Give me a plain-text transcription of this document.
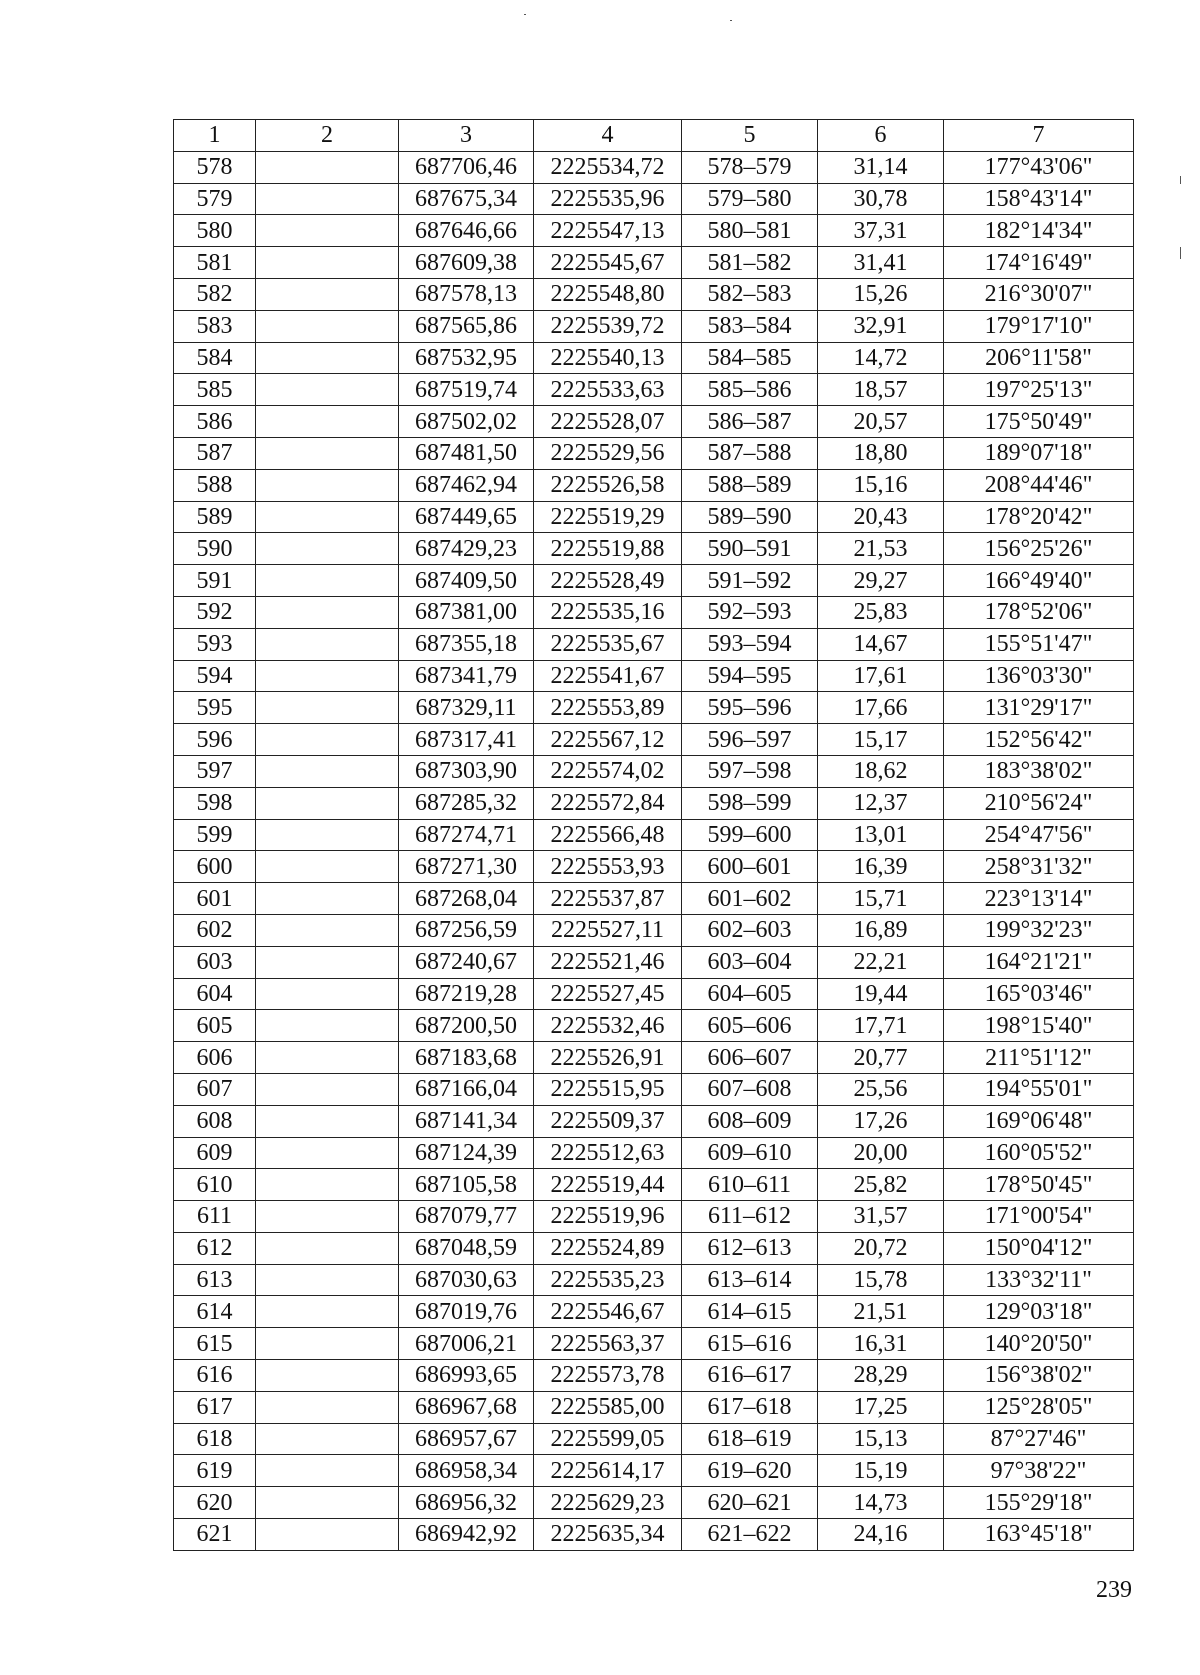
1	2	3	4	5	6	7
578		687706,46	2225534,72	578–579	31,14	177°43'06"
579		687675,34	2225535,96	579–580	30,78	158°43'14"
580		687646,66	2225547,13	580–581	37,31	182°14'34"
581		687609,38	2225545,67	581–582	31,41	174°16'49"
582		687578,13	2225548,80	582–583	15,26	216°30'07"
583		687565,86	2225539,72	583–584	32,91	179°17'10"
584		687532,95	2225540,13	584–585	14,72	206°11'58"
585		687519,74	2225533,63	585–586	18,57	197°25'13"
586		687502,02	2225528,07	586–587	20,57	175°50'49"
587		687481,50	2225529,56	587–588	18,80	189°07'18"
588		687462,94	2225526,58	588–589	15,16	208°44'46"
589		687449,65	2225519,29	589–590	20,43	178°20'42"
590		687429,23	2225519,88	590–591	21,53	156°25'26"
591		687409,50	2225528,49	591–592	29,27	166°49'40"
592		687381,00	2225535,16	592–593	25,83	178°52'06"
593		687355,18	2225535,67	593–594	14,67	155°51'47"
594		687341,79	2225541,67	594–595	17,61	136°03'30"
595		687329,11	2225553,89	595–596	17,66	131°29'17"
596		687317,41	2225567,12	596–597	15,17	152°56'42"
597		687303,90	2225574,02	597–598	18,62	183°38'02"
598		687285,32	2225572,84	598–599	12,37	210°56'24"
599		687274,71	2225566,48	599–600	13,01	254°47'56"
600		687271,30	2225553,93	600–601	16,39	258°31'32"
601		687268,04	2225537,87	601–602	15,71	223°13'14"
602		687256,59	2225527,11	602–603	16,89	199°32'23"
603		687240,67	2225521,46	603–604	22,21	164°21'21"
604		687219,28	2225527,45	604–605	19,44	165°03'46"
605		687200,50	2225532,46	605–606	17,71	198°15'40"
606		687183,68	2225526,91	606–607	20,77	211°51'12"
607		687166,04	2225515,95	607–608	25,56	194°55'01"
608		687141,34	2225509,37	608–609	17,26	169°06'48"
609		687124,39	2225512,63	609–610	20,00	160°05'52"
610		687105,58	2225519,44	610–611	25,82	178°50'45"
611		687079,77	2225519,96	611–612	31,57	171°00'54"
612		687048,59	2225524,89	612–613	20,72	150°04'12"
613		687030,63	2225535,23	613–614	15,78	133°32'11"
614		687019,76	2225546,67	614–615	21,51	129°03'18"
615		687006,21	2225563,37	615–616	16,31	140°20'50"
616		686993,65	2225573,78	616–617	28,29	156°38'02"
617		686967,68	2225585,00	617–618	17,25	125°28'05"
618		686957,67	2225599,05	618–619	15,13	87°27'46"
619		686958,34	2225614,17	619–620	15,19	97°38'22"
620		686956,32	2225629,23	620–621	14,73	155°29'18"
621		686942,92	2225635,34	621–622	24,16	163°45'18"
239
